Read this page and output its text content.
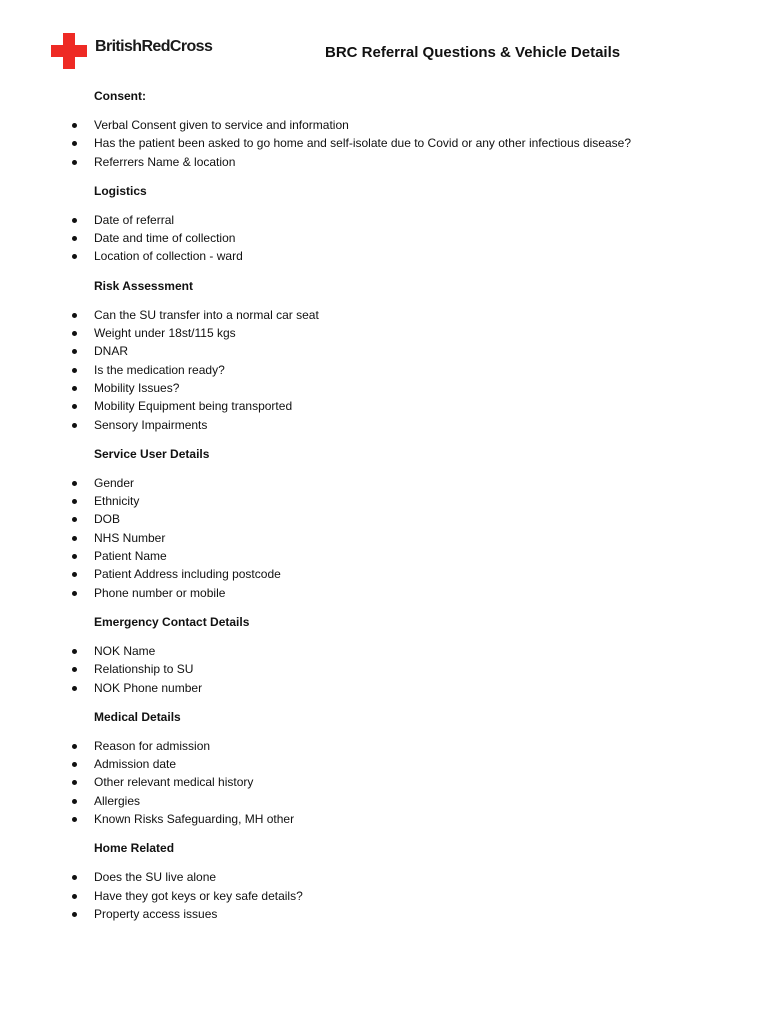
BritishRedCross	BRC Referral Questions & Vehicle Details
Consent:
Verbal Consent given to service and information
Has the patient been asked to go home and self-isolate due to Covid or any other infectious disease?
Referrers Name & location
Logistics
Date of referral
Date and time of collection
Location of collection - ward
Risk Assessment
Can the SU transfer into a normal car seat
Weight under 18st/115 kgs
DNAR
Is the medication ready?
Mobility Issues?
Mobility Equipment being transported
Sensory Impairments
Service User Details
Gender
Ethnicity
DOB
NHS Number
Patient Name
Patient Address including postcode
Phone number or mobile
Emergency Contact Details
NOK Name
Relationship to SU
NOK Phone number
Medical Details
Reason for admission
Admission date
Other relevant medical history
Allergies
Known Risks Safeguarding, MH other
Home Related
Does the SU live alone
Have they got keys or key safe details?
Property access issues
